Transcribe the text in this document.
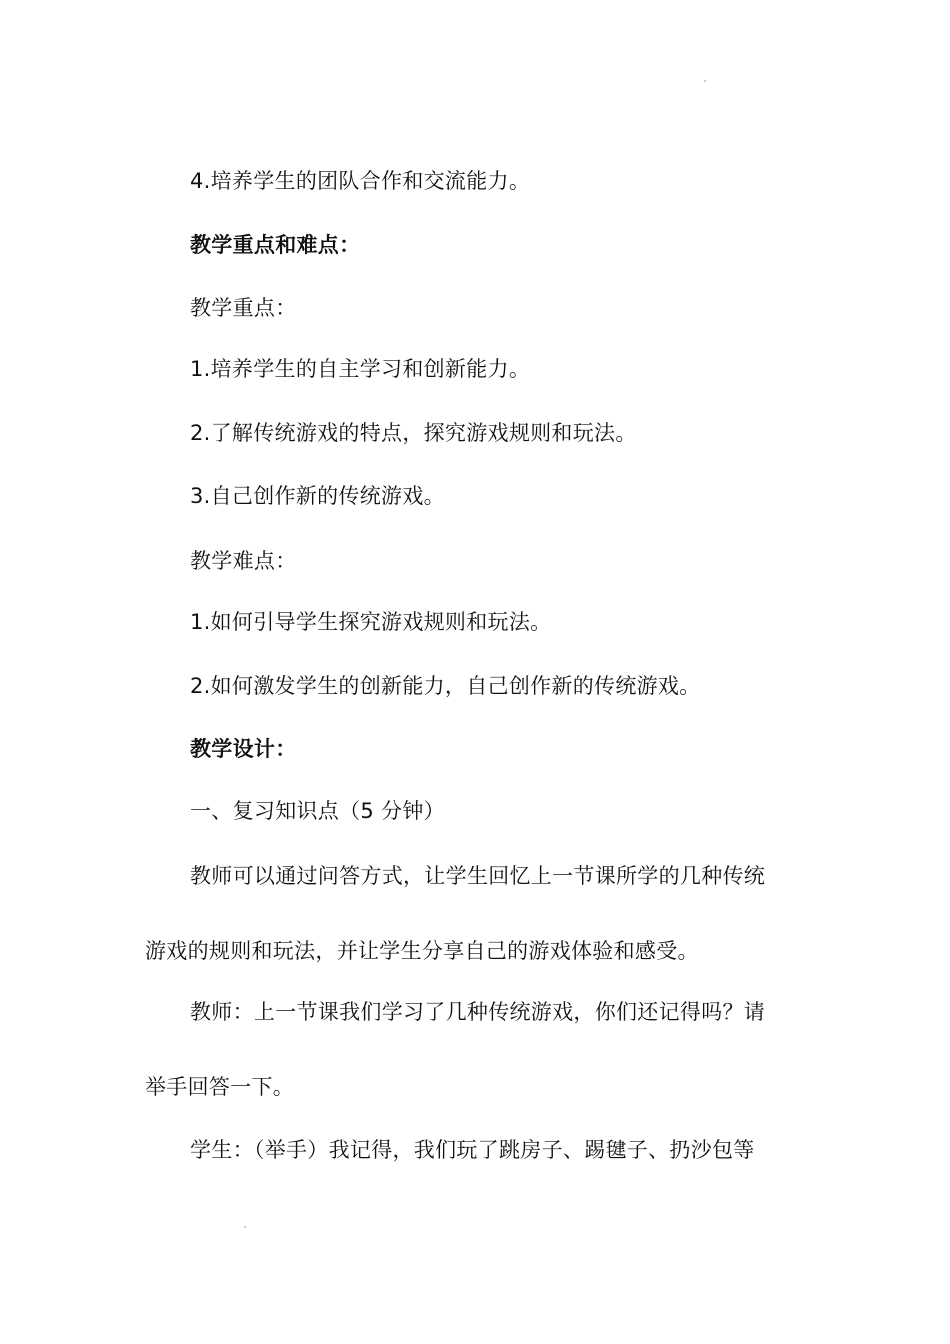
4.培养学生的团队合作和交流能力。
教学重点和难点：
教学重点：
1.培养学生的自主学习和创新能力。
2.了解传统游戏的特点，探究游戏规则和玩法。
3.自己创作新的传统游戏。
教学难点：
1.如何引导学生探究游戏规则和玩法。
2.如何激发学生的创新能力，自己创作新的传统游戏。
教学设计：
一、复习知识点（5 分钟）
教师可以通过问答方式，让学生回忆上一节课所学的几种传统
游戏的规则和玩法，并让学生分享自己的游戏体验和感受。
教师：上一节课我们学习了几种传统游戏，你们还记得吗？请
举手回答一下。
学生：（举手）我记得，我们玩了跳房子、踢毽子、扔沙包等
